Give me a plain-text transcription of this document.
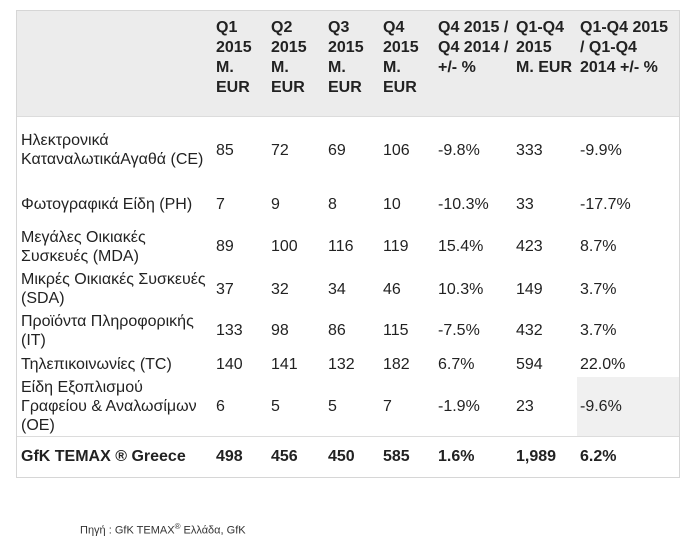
	Q1 2015 M. EUR	Q2 2015 M. EUR	Q3 2015 M. EUR	Q4 2015 M. EUR	Q4 2015 / Q4 2014 / +/- %	Q1-Q4 2015 M. EUR	Q1-Q4 2015 / Q1-Q4 2014 +/- %
Ηλεκτρονικά ΚαταναλωτικάΑγαθά (CE)	85	72	69	106	-9.8%	333	-9.9%
Φωτογραφικά Είδη (PH)	7	9	8	10	-10.3%	33	-17.7%
Μεγάλες Οικιακές Συσκευές (MDA)	89	100	116	119	15.4%	423	8.7%
Μικρές Οικιακές Συσκευές (SDA)	37	32	34	46	10.3%	149	3.7%
Προϊόντα Πληροφορικής (IT)	133	98	86	115	-7.5%	432	3.7%
Τηλεπικοινωνίες (TC)	140	141	132	182	6.7%	594	22.0%
Είδη Εξοπλισμού Γραφείου & Αναλωσίμων (OE)	6	5	5	7	-1.9%	23	-9.6%
GfK TEMAX ® Greece	498	456	450	585	1.6%	1,989	6.2%
Πηγή : GfK TEMAX® Ελλάδα, GfK
